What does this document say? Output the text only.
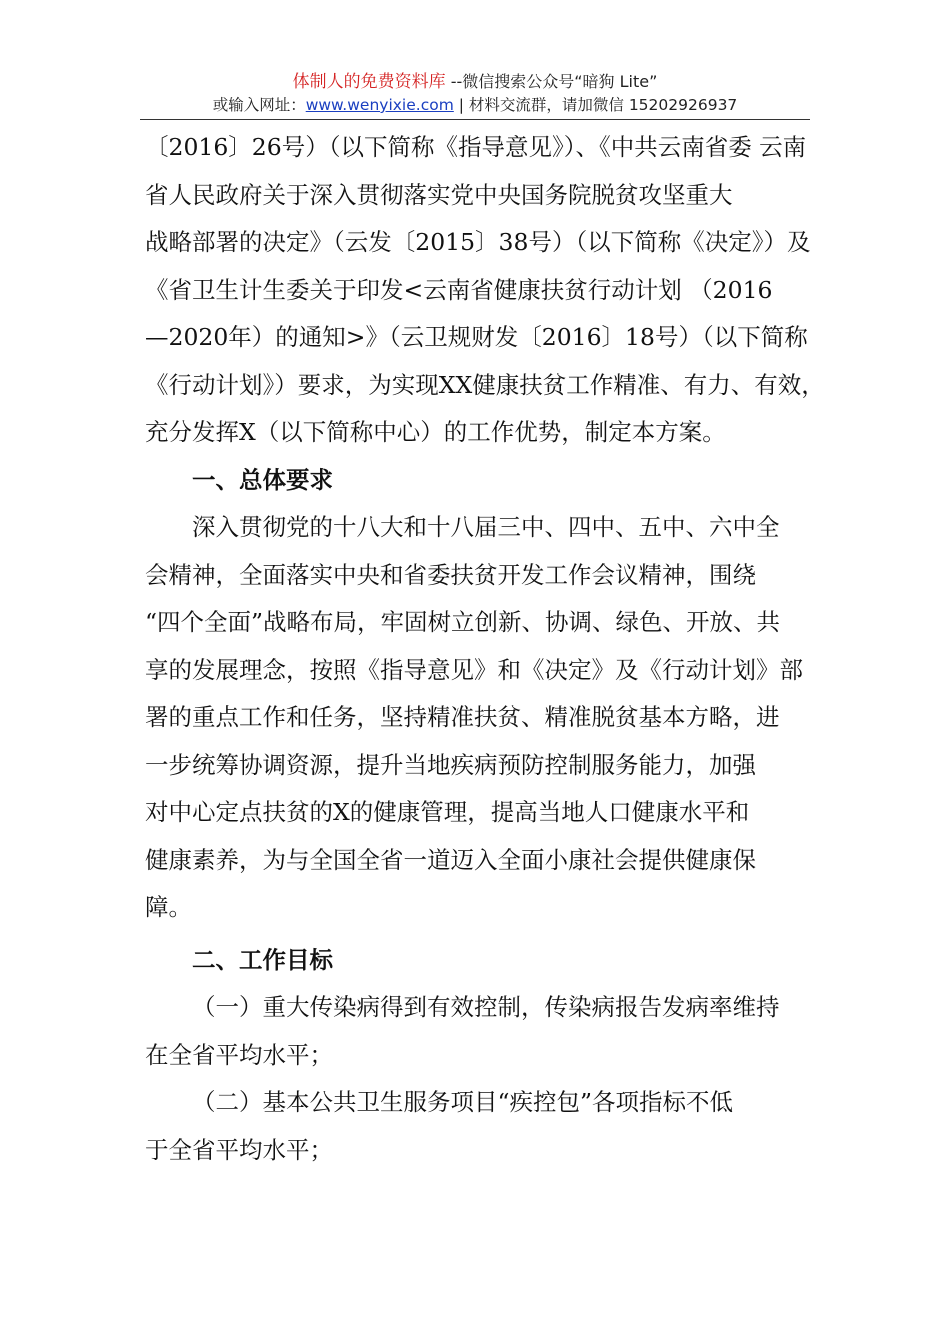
体制人的免费资料库 --微信搜索公众号“暗狗 Lite”
或输入网址：www.wenyixie.com | 材料交流群，请加微信 15202926937

〔2016〕26号）（以下简称《指导意见》）、《中共云南省委 云南

省人民政府关于深入贯彻落实党中央国务院脱贫攻坚重大

战略部署的决定》（云发〔2015〕38号）（以下简称《决定》）及

《省卫生计生委关于印发<云南省健康扶贫行动计划 （2016

—2020年）的通知>》（云卫规财发〔2016〕18号）（以下简称

《行动计划》）要求，为实现XX健康扶贫工作精准、有力、有效，

充分发挥X（以下简称中心）的工作优势，制定本方案。

一、总体要求

深入贯彻党的十八大和十八届三中、四中、五中、六中全

会精神，全面落实中央和省委扶贫开发工作会议精神，围绕

“四个全面”战略布局，牢固树立创新、协调、绿色、开放、共

享的发展理念，按照《指导意见》和《决定》及《行动计划》部

署的重点工作和任务，坚持精准扶贫、精准脱贫基本方略，进

一步统筹协调资源，提升当地疾病预防控制服务能力，加强

对中心定点扶贫的X的健康管理，提高当地人口健康水平和

健康素养，为与全国全省一道迈入全面小康社会提供健康保

障。

二、工作目标

（一）重大传染病得到有效控制，传染病报告发病率维持

在全省平均水平；

（二）基本公共卫生服务项目“疾控包”各项指标不低

于全省平均水平；
